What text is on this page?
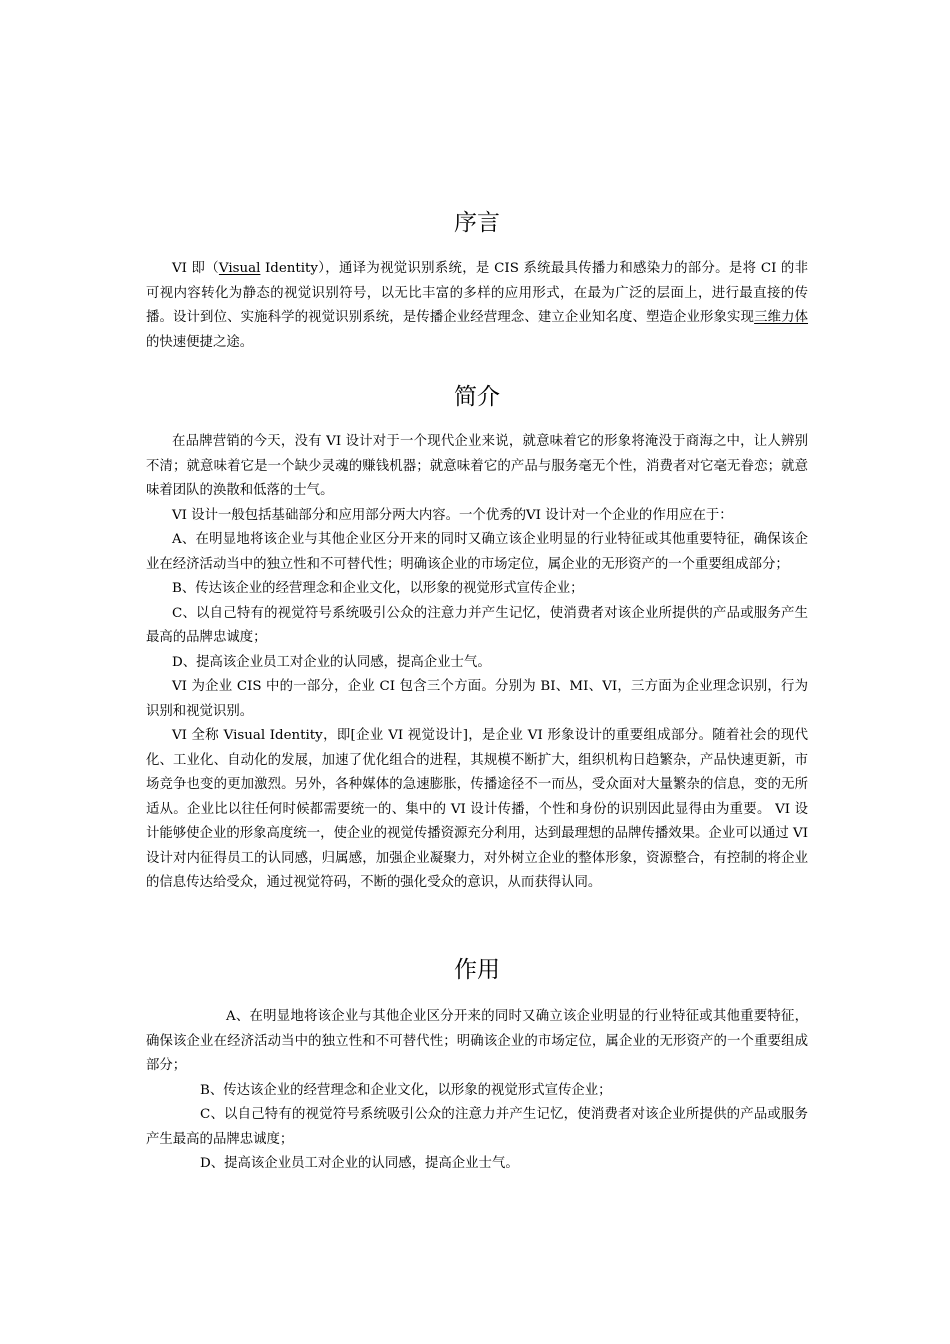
序言

VI 即（Visual Identity），通译为视觉识别系统，是 CIS 系统最具传播力和感染力的部分。是将 CI 的非可视内容转化为静态的视觉识别符号，以无比丰富的多样的应用形式，在最为广泛的层面上，进行最直接的传播。设计到位、实施科学的视觉识别系统，是传播企业经营理念、建立企业知名度、塑造企业形象实现三维力体的快速便捷之途。

简介

在品牌营销的今天，没有 VI 设计对于一个现代企业来说，就意味着它的形象将淹没于商海之中，让人辨别不清；就意味着它是一个缺少灵魂的赚钱机器；就意味着它的产品与服务毫无个性，消费者对它毫无眷恋；就意味着团队的涣散和低落的士气。

VI 设计一般包括基础部分和应用部分两大内容。一个优秀的VI 设计对一个企业的作用应在于：

A、在明显地将该企业与其他企业区分开来的同时又确立该企业明显的行业特征或其他重要特征，确保该企业在经济活动当中的独立性和不可替代性；明确该企业的市场定位，属企业的无形资产的一个重要组成部分；

B、传达该企业的经营理念和企业文化，以形象的视觉形式宣传企业；

C、以自己特有的视觉符号系统吸引公众的注意力并产生记忆，使消费者对该企业所提供的产品或服务产生最高的品牌忠诚度；

D、提高该企业员工对企业的认同感，提高企业士气。

VI 为企业 CIS 中的一部分，企业 CI 包含三个方面。分别为 BI、MI、VI，三方面为企业理念识别，行为识别和视觉识别。

VI 全称 Visual Identity，即[企业 VI 视觉设计]，是企业 VI 形象设计的重要组成部分。随着社会的现代化、工业化、自动化的发展，加速了优化组合的进程，其规模不断扩大，组织机构日趋繁杂，产品快速更新，市场竞争也变的更加激烈。另外，各种媒体的急速膨胀，传播途径不一而丛，受众面对大量繁杂的信息，变的无所适从。企业比以往任何时候都需要统一的、集中的 VI 设计传播，个性和身份的识别因此显得由为重要。 VI 设计能够使企业的形象高度统一，使企业的视觉传播资源充分利用，达到最理想的品牌传播效果。企业可以通过 VI 设计对内征得员工的认同感，归属感，加强企业凝聚力，对外树立企业的整体形象，资源整合，有控制的将企业的信息传达给受众，通过视觉符码，不断的强化受众的意识，从而获得认同。

作用

A、在明显地将该企业与其他企业区分开来的同时又确立该企业明显的行业特征或其他重要特征，确保该企业在经济活动当中的独立性和不可替代性；明确该企业的市场定位，属企业的无形资产的一个重要组成部分；

B、传达该企业的经营理念和企业文化，以形象的视觉形式宣传企业；

C、以自己特有的视觉符号系统吸引公众的注意力并产生记忆，使消费者对该企业所提供的产品或服务产生最高的品牌忠诚度；

D、提高该企业员工对企业的认同感，提高企业士气。
